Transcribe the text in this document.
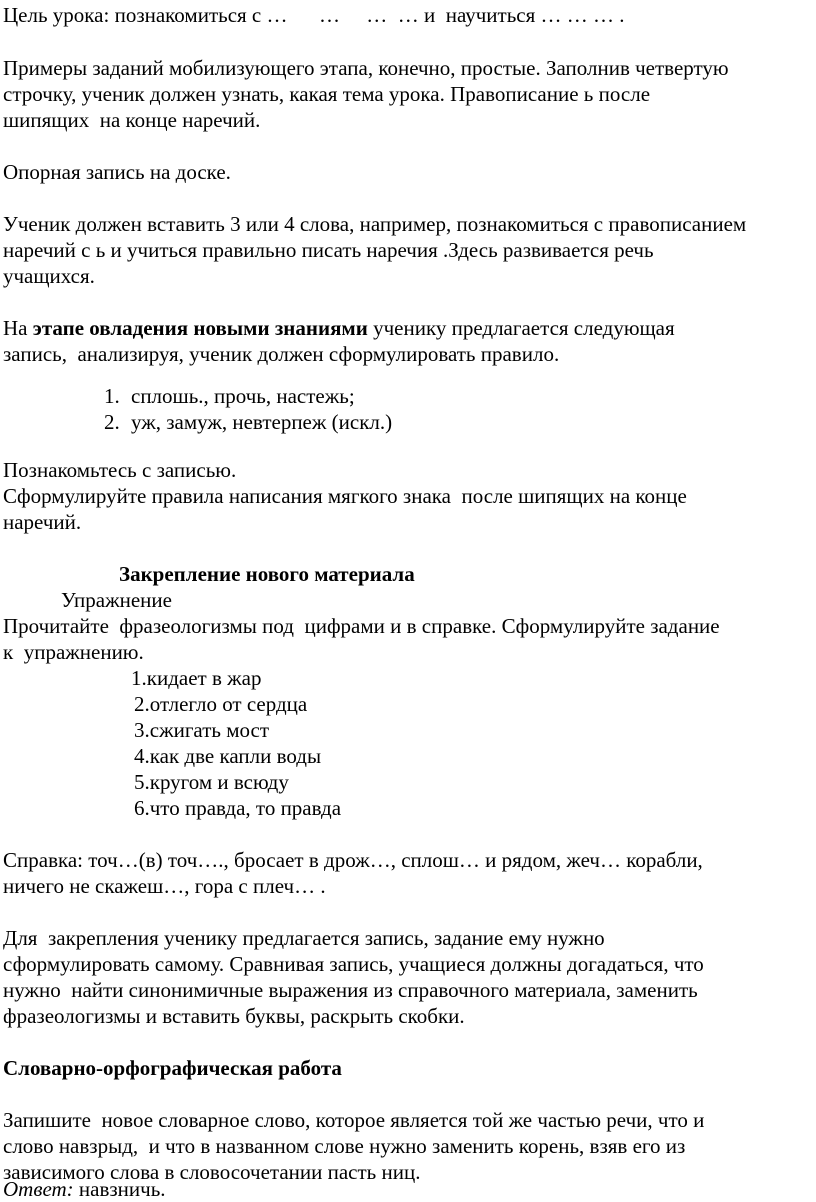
Цель урока: познакомиться с …      …     …  … и  научиться … … … .
Примеры заданий мобилизующего этапа, конечно, простые. Заполнив четвертую
строчку, ученик должен узнать, какая тема урока. Правописание ь после
шипящих  на конце наречий.
Опорная запись на доске.
Ученик должен вставить 3 или 4 слова, например, познакомиться с правописанием
наречий с ь и учиться правильно писать наречия .Здесь развивается речь
учащихся.
На этапе овладения новыми знаниями ученику предлагается следующая
запись,  анализируя, ученик должен сформулировать правило.
1. сплошь., прочь, настежь;
2. уж, замуж, невтерпеж (искл.)
Познакомьтесь с записью.
Сформулируйте правила написания мягкого знака  после шипящих на конце
наречий.
Закрепление нового материала
Упражнение
Прочитайте  фразеологизмы под  цифрами и в справке. Сформулируйте задание
к  упражнению.
1.кидает в жар
2.отлегло от сердца
3.сжигать мост
4.как две капли воды
5.кругом и всюду
6.что правда, то правда
Справка: точ…(в) точ…., бросает в дрож…, сплош… и рядом, жеч… корабли,
ничего не скажеш…, гора с плеч… .
Для  закрепления ученику предлагается запись, задание ему нужно
сформулировать самому. Сравнивая запись, учащиеся должны догадаться, что
нужно  найти синонимичные выражения из справочного материала, заменить
фразеологизмы и вставить буквы, раскрыть скобки.
Словарно-орфографическая работа
Запишите  новое словарное слово, которое является той же частью речи, что и
слово навзрыд,  и что в названном слове нужно заменить корень, взяв его из
зависимого слова в словосочетании пасть ниц.
Ответ: навзничь.
